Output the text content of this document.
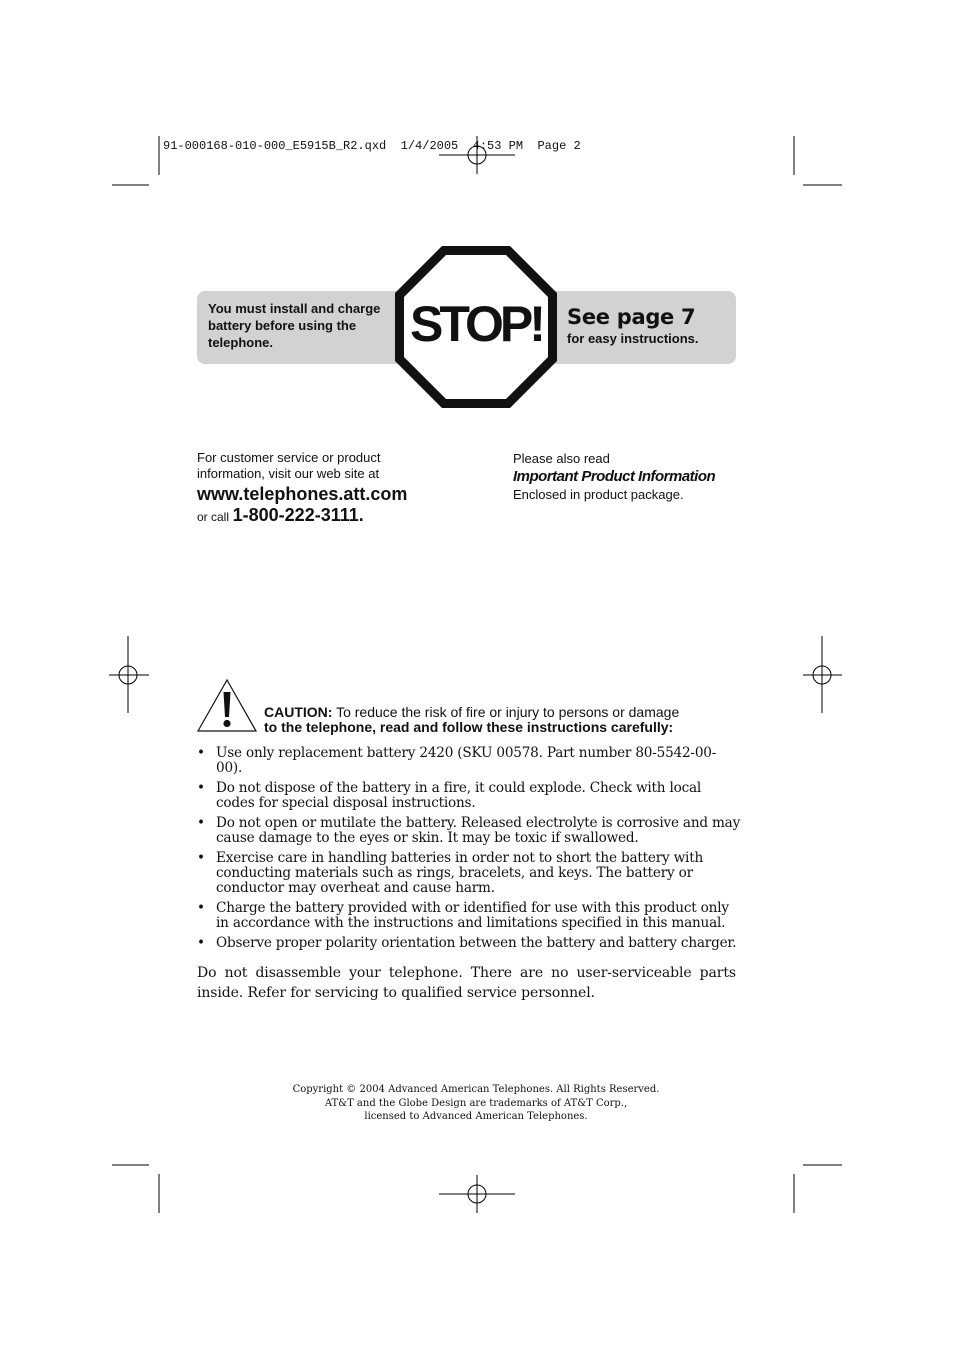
91-000168-010-000_E5915B_R2.qxd  1/4/2005  4:53 PM  Page 2
You must install and charge battery before using the telephone.	STOP!	See page 7
for easy instructions.
For customer service or product
information, visit our web site at
www.telephones.att.com
or call 1-800-222-3111.
Please also read
Important Product Information
Enclosed in product package.
CAUTION: To reduce the risk of fire or injury to persons or damage
to the telephone, read and follow these instructions carefully:
• Use only replacement battery 2420 (SKU 00578. Part number 80-5542-00-00).
• Do not dispose of the battery in a fire, it could explode. Check with local codes for special disposal instructions.
• Do not open or mutilate the battery. Released electrolyte is corrosive and may cause damage to the eyes or skin. It may be toxic if swallowed.
• Exercise care in handling batteries in order not to short the battery with conducting materials such as rings, bracelets, and keys. The battery or conductor may overheat and cause harm.
• Charge the battery provided with or identified for use with this product only in accordance with the instructions and limitations specified in this manual.
• Observe proper polarity orientation between the battery and battery charger.
Do not disassemble your telephone. There are no user-serviceable parts inside. Refer for servicing to qualified service personnel.
Copyright © 2004 Advanced American Telephones. All Rights Reserved.
AT&T and the Globe Design are trademarks of AT&T Corp.,
licensed to Advanced American Telephones.
